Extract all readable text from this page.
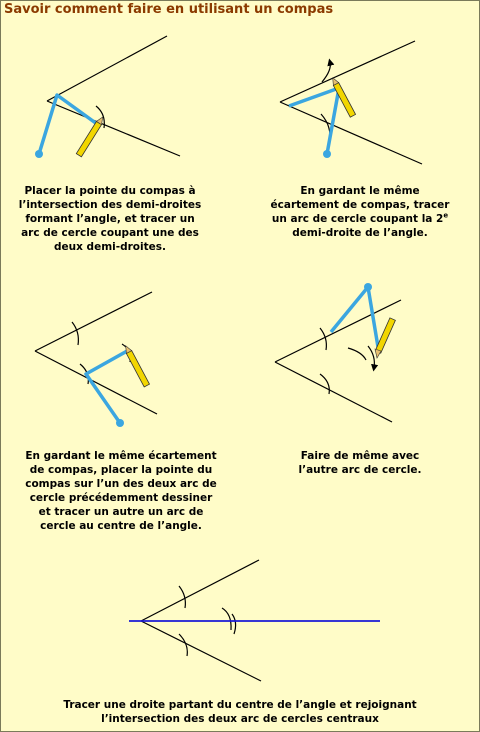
Savoir comment faire en utilisant un compas
Placer la pointe du compas à
l’intersection des demi-droites
formant l’angle, et tracer un
arc de cercle coupant une des
deux demi-droites.
En gardant le même
écartement de compas, tracer
un arc de cercle coupant la 2e
demi-droite de l’angle.
En gardant le même écartement
de compas, placer la pointe du
compas sur l’un des deux arc de
cercle précédemment dessiner
et tracer un autre un arc de
cercle au centre de l’angle.
Faire de même avec
l’autre arc de cercle.
Tracer une droite partant du centre de l’angle et rejoignant
l’intersection des deux arc de cercles centraux
